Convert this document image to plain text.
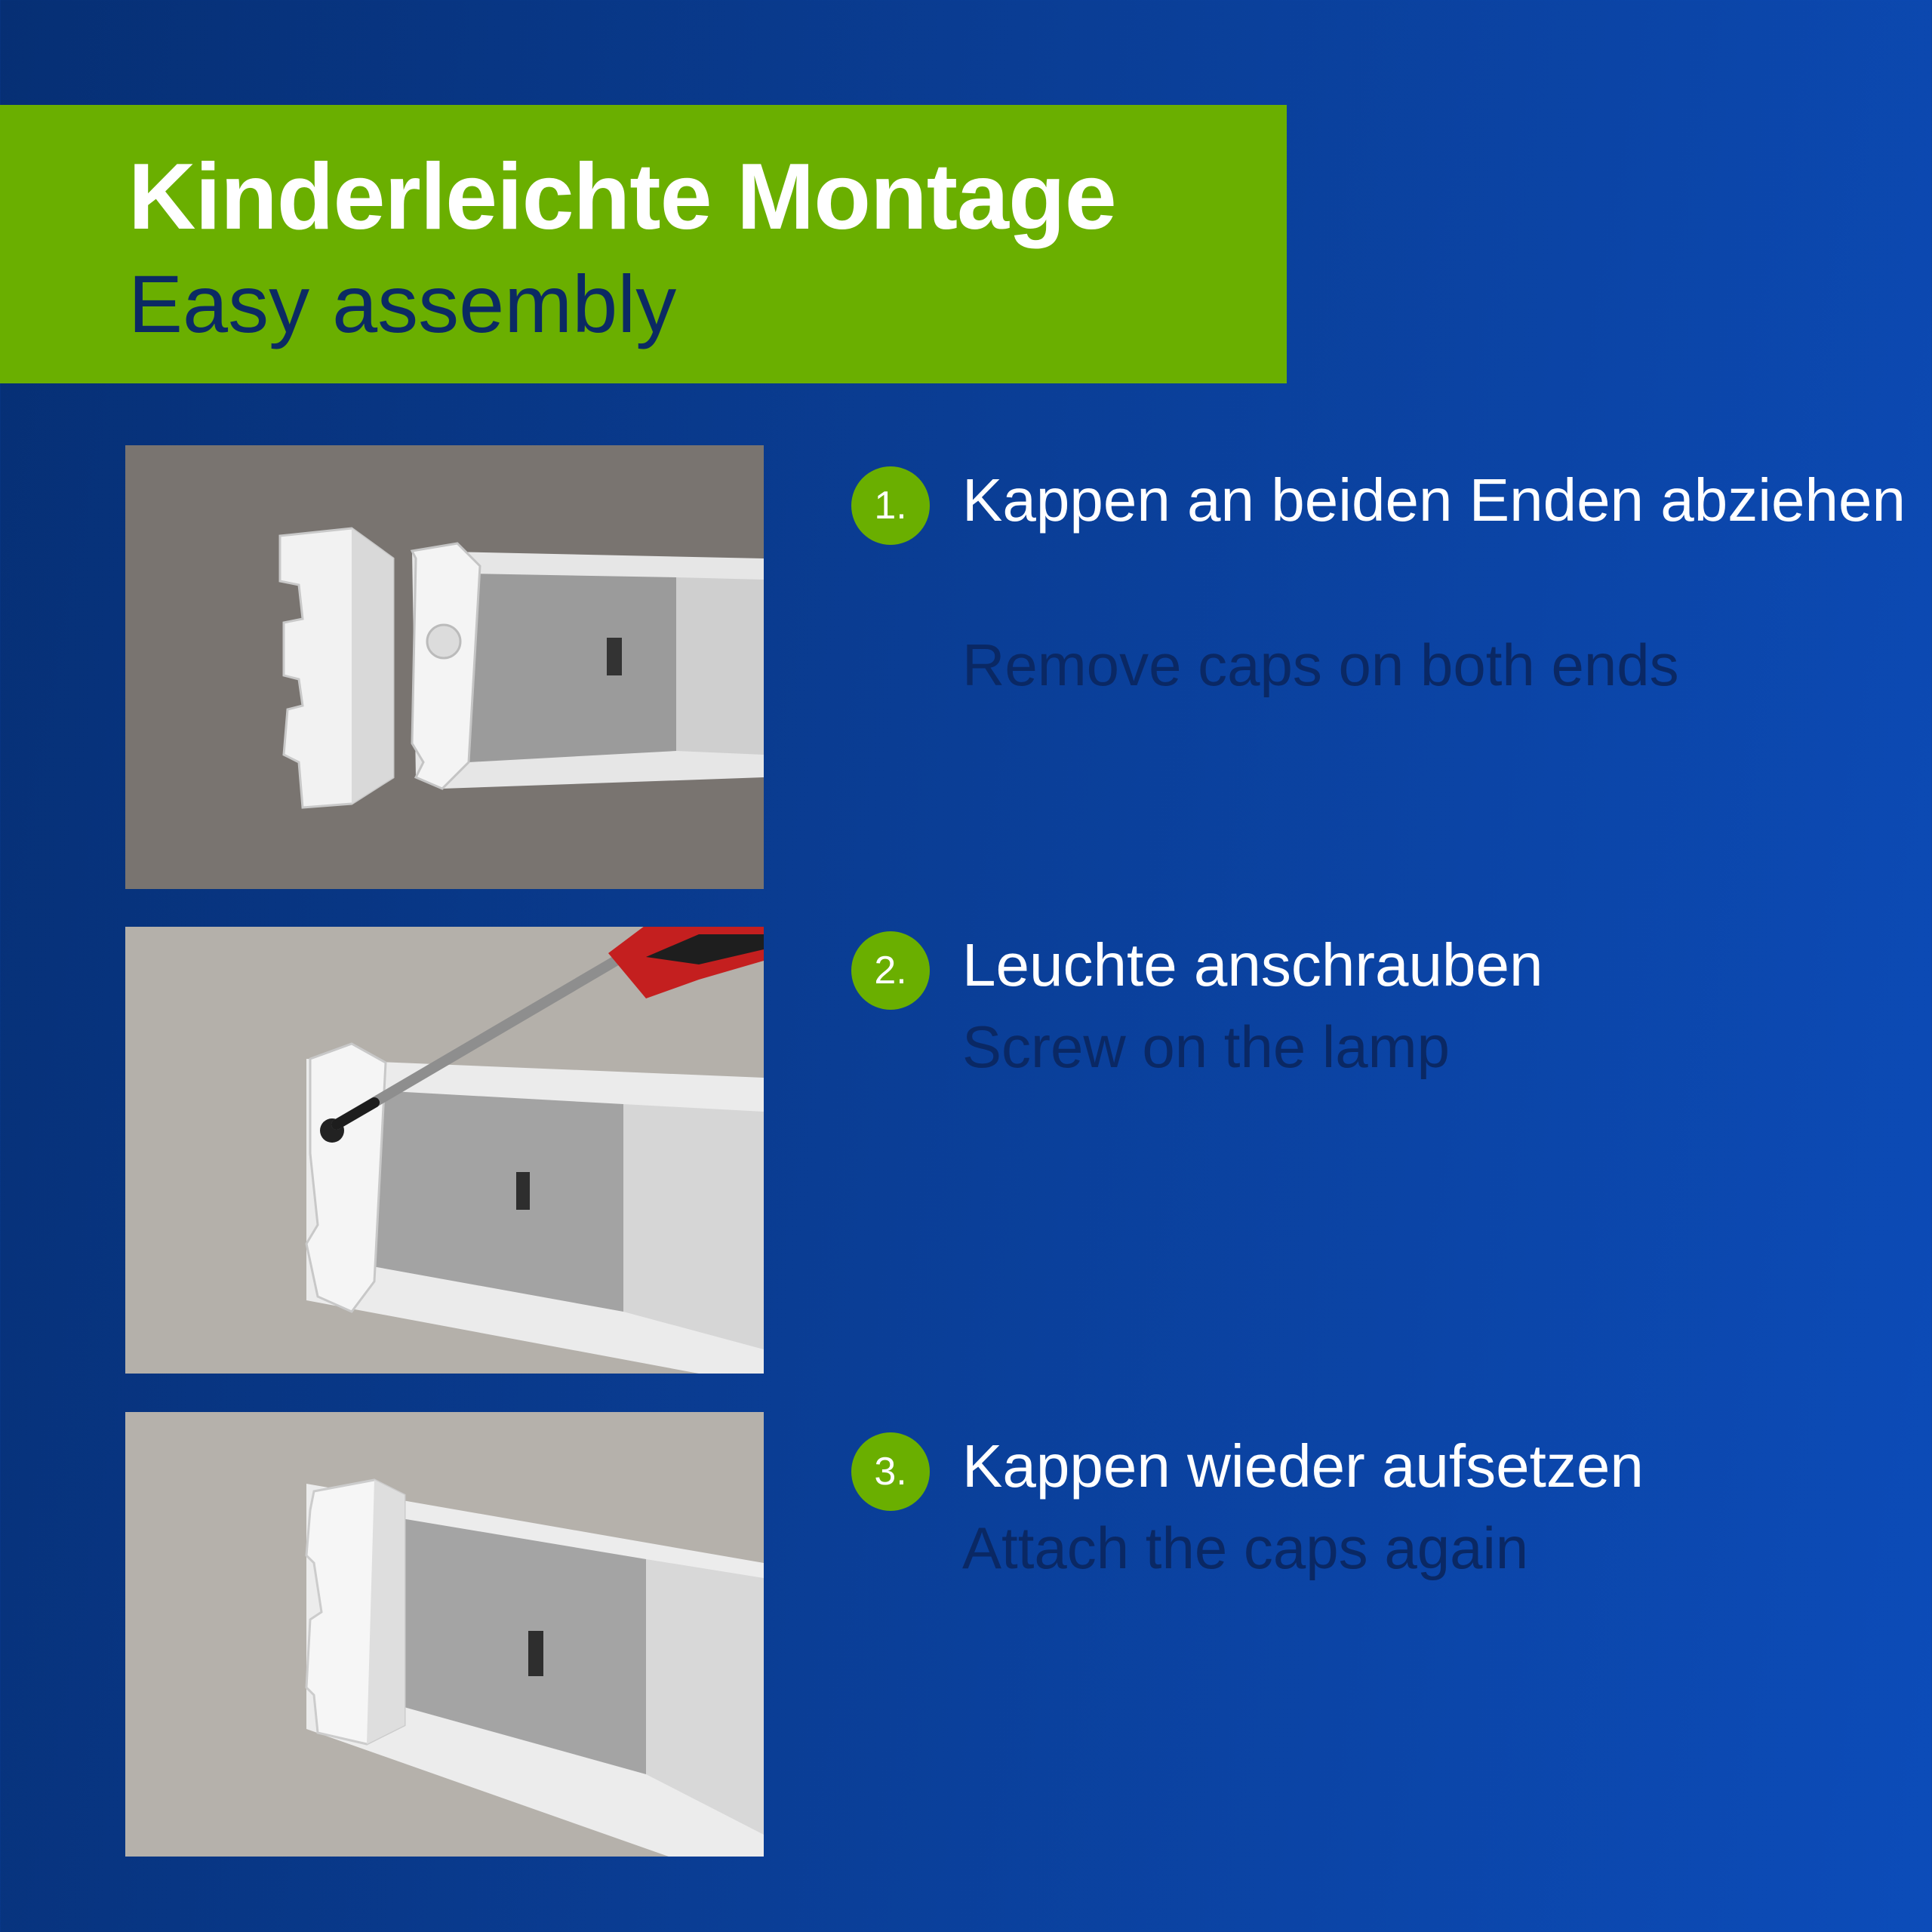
Kinderleichte Montage
Easy assembly
1. Kappen an beiden Enden abziehen
Remove caps on both ends
2. Leuchte anschrauben
Screw on the lamp
3. Kappen wieder aufsetzen
Attach the caps again
